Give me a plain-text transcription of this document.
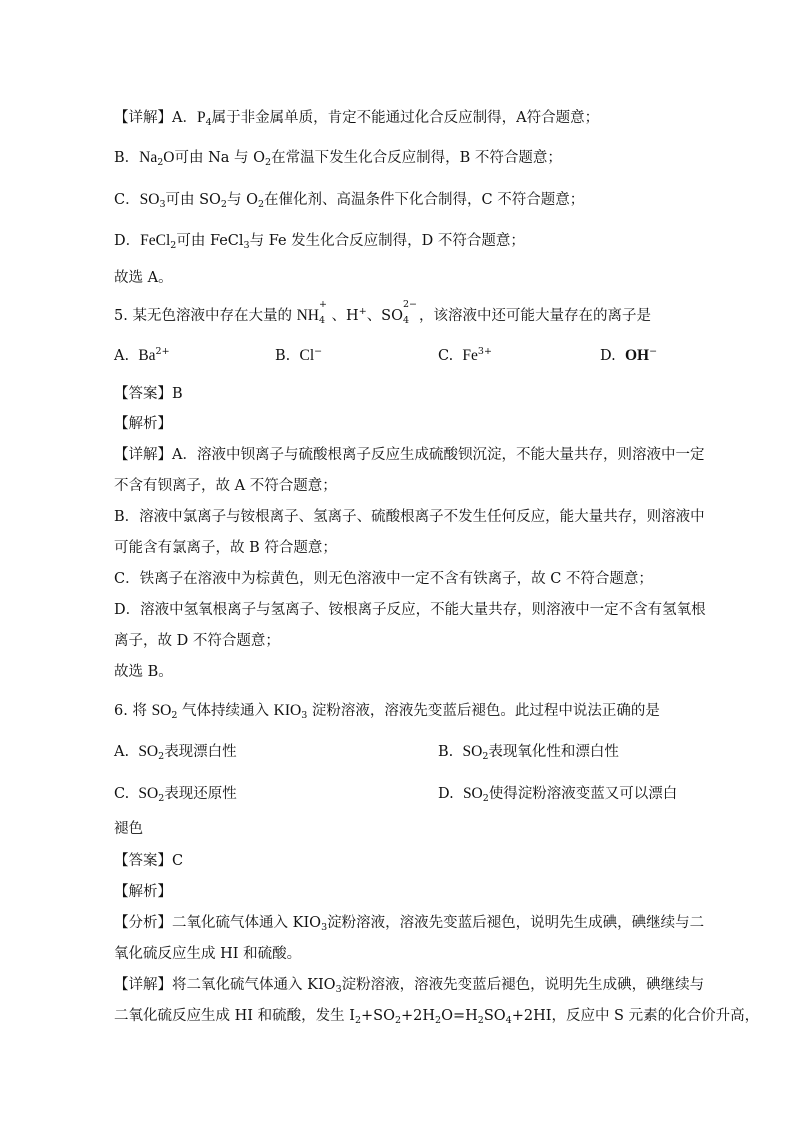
【详解】A．$P_4$属于非金属单质，肯定不能通过化合反应制得，A符合题意；
B．$Na_2O$可由 Na 与 $O_2$在常温下发生化合反应制得，B 不符合题意；
C．$SO_3$可由 $SO_2$与 $O_2$在催化剂、高温条件下化合制得，C 不符合题意；
D．FeCl$_2$可由 FeCl$_3$与 Fe 发生化合反应制得，D 不符合题意；
故选 A。
5. 某无色溶液中存在大量的 NH
+
4 、H+、SO
2−
4 ，该溶液中还可能大量存在的离子是
A. $Ba^{2+}$	B. Cl−	C. $Fe^{3+}$	D. OH−
【答案】B
【解析】
【详解】A．溶液中钡离子与硫酸根离子反应生成硫酸钡沉淀，不能大量共存，则溶液中一定
不含有钡离子，故 A 不符合题意；
B．溶液中氯离子与铵根离子、氢离子、硫酸根离子不发生任何反应，能大量共存，则溶液中
可能含有氯离子，故 B 符合题意；
C．铁离子在溶液中为棕黄色，则无色溶液中一定不含有铁离子，故 C 不符合题意；
D．溶液中氢氧根离子与氢离子、铵根离子反应，不能大量共存，则溶液中一定不含有氢氧根
离子，故 D 不符合题意；
故选 B。
6. 将 $SO_2$ 气体持续通入 $KIO_3$ 淀粉溶液，溶液先变蓝后褪色。此过程中说法正确的是
A. $SO_2$表现漂白性	B. $SO_2$表现氧化性和漂白性
C. $SO_2$表现还原性	D. $SO_2$使得淀粉溶液变蓝又可以漂白
褪色
【答案】C
【解析】
【分析】二氧化硫气体通入 $KIO_3$淀粉溶液，溶液先变蓝后褪色，说明先生成碘，碘继续与二
氧化硫反应生成 HI 和硫酸。
【详解】将二氧化硫气体通入 $KIO_3$淀粉溶液，溶液先变蓝后褪色，说明先生成碘，碘继续与
二氧化硫反应生成 HI 和硫酸，发生 $I_2+SO_2+2H_2O=H_2SO_4+2HI$，反应中 S 元素的化合价升高，
